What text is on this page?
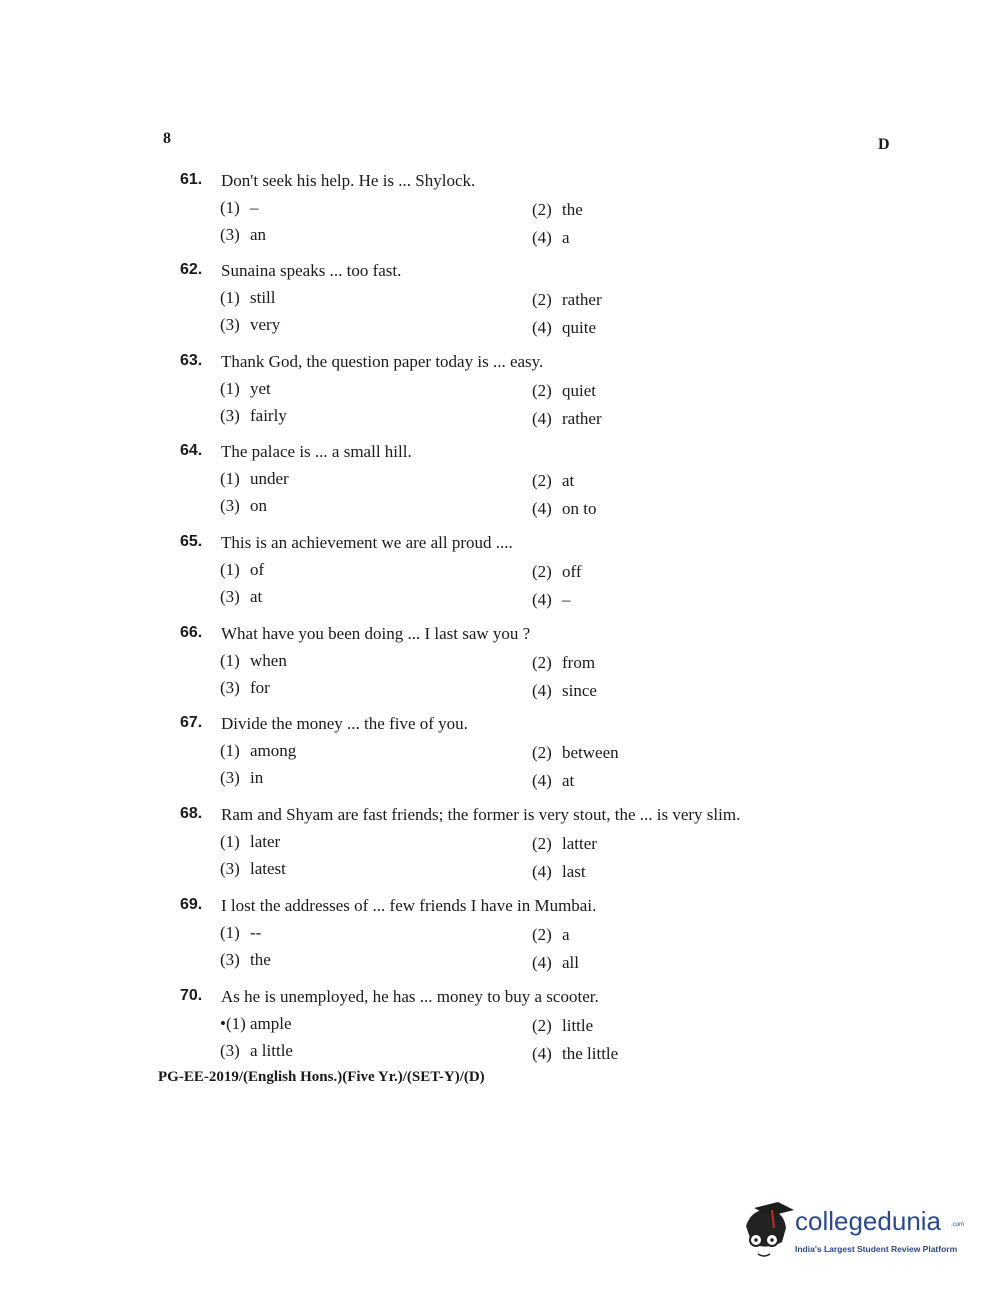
8	D
61. Don't seek his help. He is ... Shylock.
(1) –	(2) the
(3) an	(4) a
62. Sunaina speaks ... too fast.
(1) still	(2) rather
(3) very	(4) quite
63. Thank God, the question paper today is ... easy.
(1) yet	(2) quiet
(3) fairly	(4) rather
64. The palace is ... a small hill.
(1) under	(2) at
(3) on	(4) on to
65. This is an achievement we are all proud ....
(1) of	(2) off
(3) at	(4) –
66. What have you been doing ... I last saw you ?
(1) when	(2) from
(3) for	(4) since
67. Divide the money ... the five of you.
(1) among	(2) between
(3) in	(4) at
68. Ram and Shyam are fast friends; the former is very stout, the ... is very slim.
(1) later	(2) latter
(3) latest	(4) last
69. I lost the addresses of ... few friends I have in Mumbai.
(1) --	(2) a
(3) the	(4) all
70. As he is unemployed, he has ... money to buy a scooter.
•(1) ample	(2) little
(3) a little	(4) the little
PG-EE-2019/(English Hons.)(Five Yr.)/(SET-Y)/(D)
collegedunia .com
India's Largest Student Review Platform
